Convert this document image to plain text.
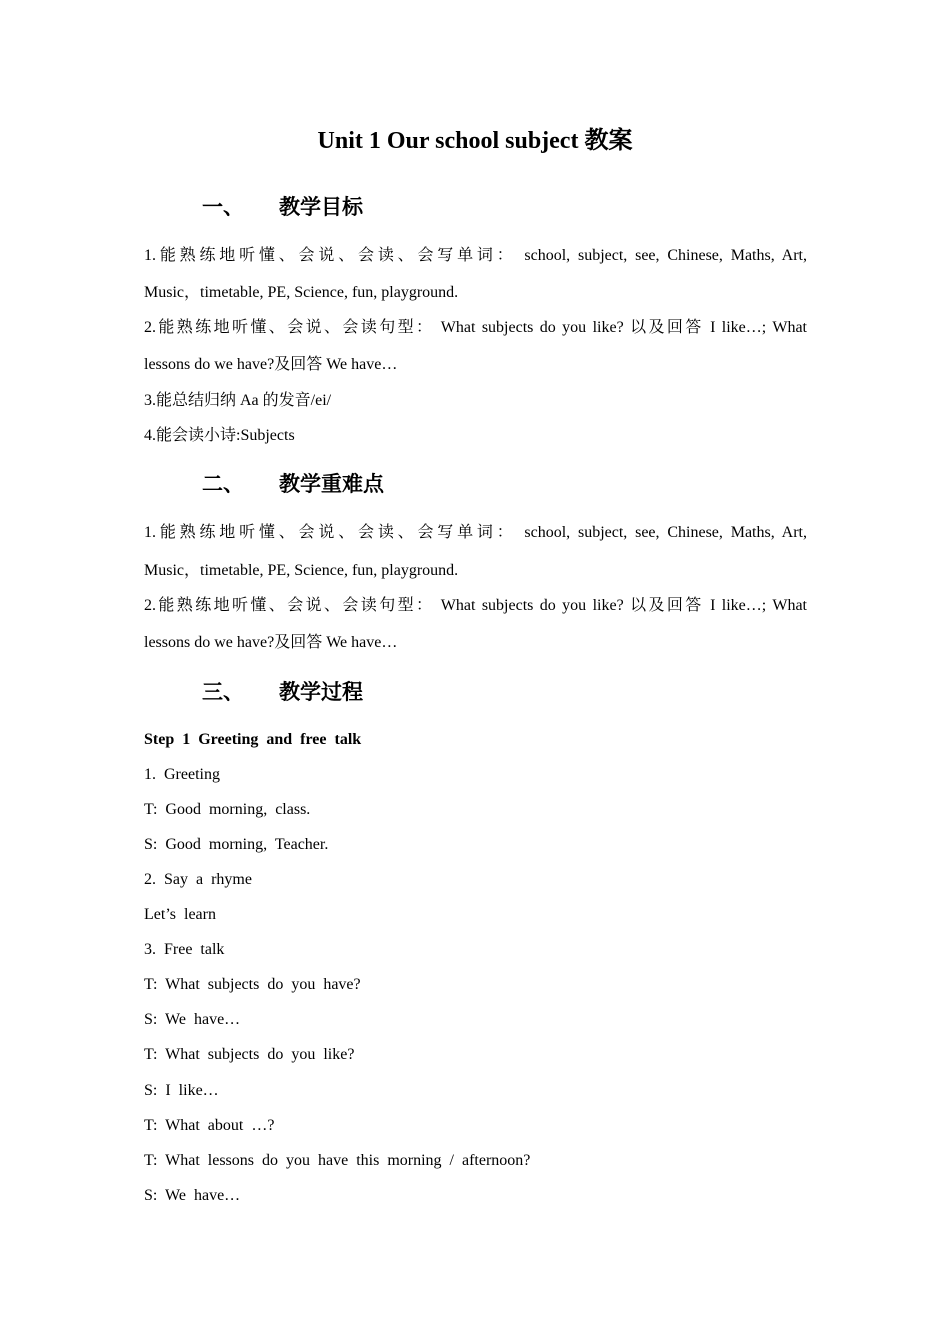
Unit 1 Our school subject 教案
一、 教学目标
1.能熟练地听懂、会说、会读、会写单词： school, subject, see, Chinese, Maths, Art,
Music，timetable, PE, Science, fun, playground.
2.能熟练地听懂、会说、会读句型： What subjects do you like? 以及回答 I like…; What
lessons do we have?及回答 We have…
3.能总结归纳 Aa 的发音/ei/
4.能会读小诗:Subjects
二、 教学重难点
1.能熟练地听懂、会说、会读、会写单词： school, subject, see, Chinese, Maths, Art,
Music，timetable, PE, Science, fun, playground.
2.能熟练地听懂、会说、会读句型： What subjects do you like? 以及回答 I like…; What
lessons do we have?及回答 We have…
三、 教学过程
Step 1 Greeting and free talk
1. Greeting
T: Good morning, class.
S: Good morning, Teacher.
2. Say a rhyme
Let’s learn
3. Free talk
T: What subjects do you have?
S: We have…
T: What subjects do you like?
S: I like…
T: What about …?
T: What lessons do you have this morning / afternoon?
S: We have…
